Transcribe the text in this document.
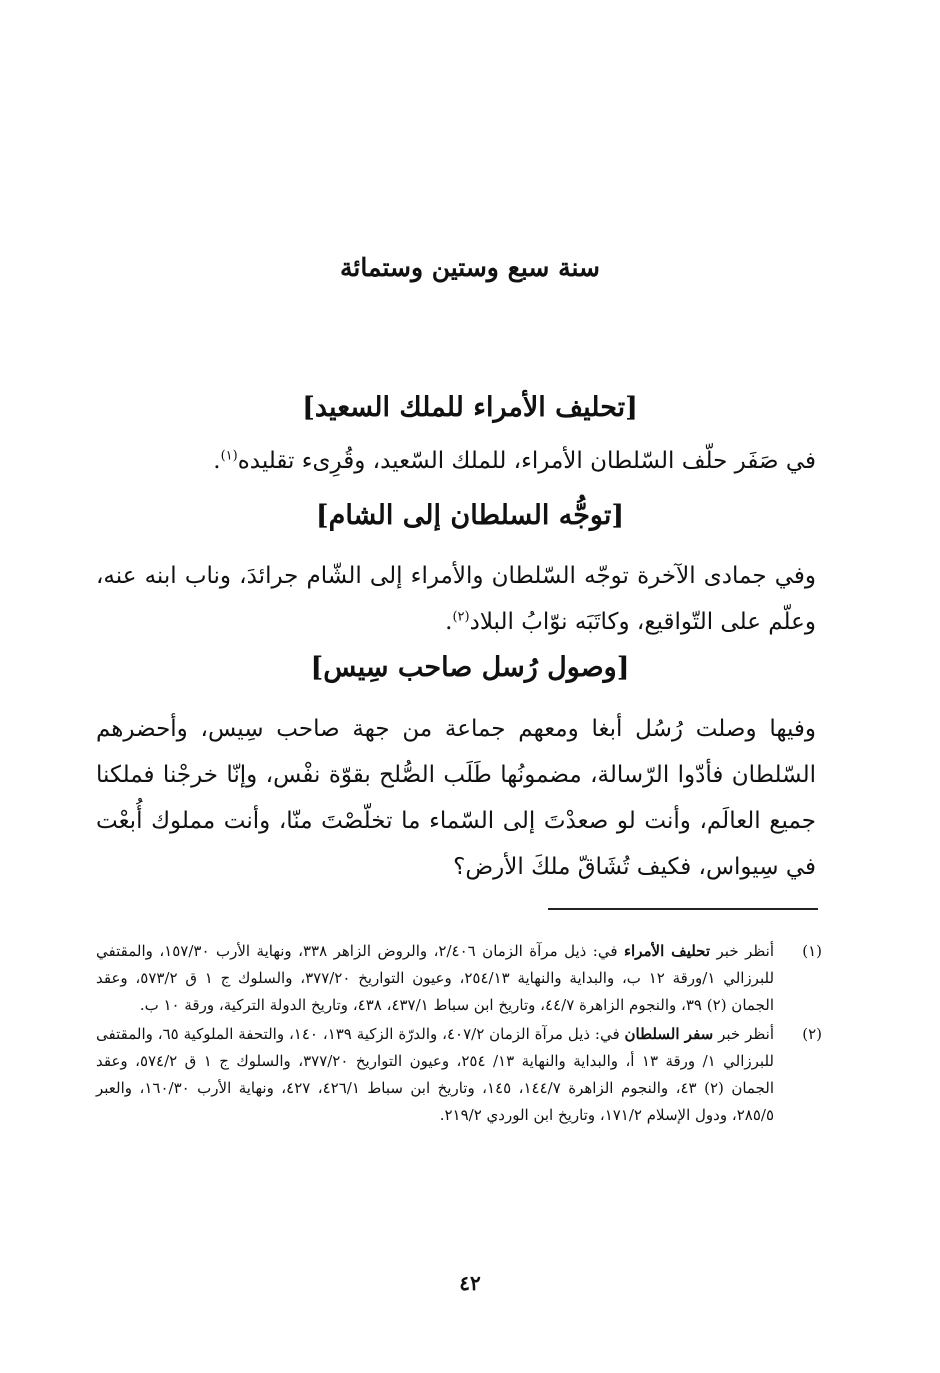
سنة سبع وستين وستمائة
[تحليف الأمراء للملك السعيد]
في صَفَر حلّف السّلطان الأمراء، للملك السّعيد، وقُرِىء تقليده$^{(١)}$.
[توجُّه السلطان إلى الشام]
وفي جمادى الآخرة توجّه السّلطان والأمراء إلى الشّام جرائدَ، وناب ابنه عنه، وعلّم على التّواقيع، وكاتَبَه نوّابُ البلاد$^{(٢)}$.
[وصول رُسل صاحب سِيس]
وفيها وصلت رُسُل أبغا ومعهم جماعة من جهة صاحب سِيس، وأحضرهم السّلطان فأدّوا الرّسالة، مضمونُها طَلَب الصُّلح بقوّة نفْس، وإنّا خرجْنا فملكنا جميع العالَم، وأنت لو صعدْتَ إلى السّماء ما تخلّصْتَ منّا، وأنت مملوك أُبعْت في سِيواس، فكيف تُشَاقّ ملكَ الأرض؟
(١)
أنظر خبر تحليف الأمراء في: ذيل مرآة الزمان ٢/٤٠٦، والروض الزاهر ٣٣٨، ونهاية الأرب ١٥٧/٣٠، والمقتفي للبرزالي ١/ورقة ١٢ ب، والبداية والنهاية ٢٥٤/١٣، وعيون التواريخ ٣٧٧/٢٠، والسلوك ج ١ ق ٥٧٣/٢، وعقد الجمان (٢) ٣٩، والنجوم الزاهرة ٤٤/٧، وتاريخ ابن سباط ٤٣٧/١، ٤٣٨، وتاريخ الدولة التركية، ورقة ١٠ ب.
(٢)
أنظر خبر سفر السلطان في: ذيل مرآة الزمان ٤٠٧/٢، والدرّة الزكية ١٣٩، ١٤٠، والتحفة الملوكية ٦٥، والمقتفى للبرزالي ١/ ورقة ١٣ أ، والبداية والنهاية ١٣/ ٢٥٤، وعيون التواريخ ٣٧٧/٢٠، والسلوك ج ١ ق ٥٧٤/٢، وعقد الجمان (٢) ٤٣، والنجوم الزاهرة ١٤٤/٧، ١٤٥، وتاريخ ابن سباط ٤٢٦/١، ٤٢٧، ونهاية الأرب ١٦٠/٣٠، والعبر ٢٨٥/٥، ودول الإسلام ١٧١/٢، وتاريخ ابن الوردي ٢١٩/٢.
٤٢
